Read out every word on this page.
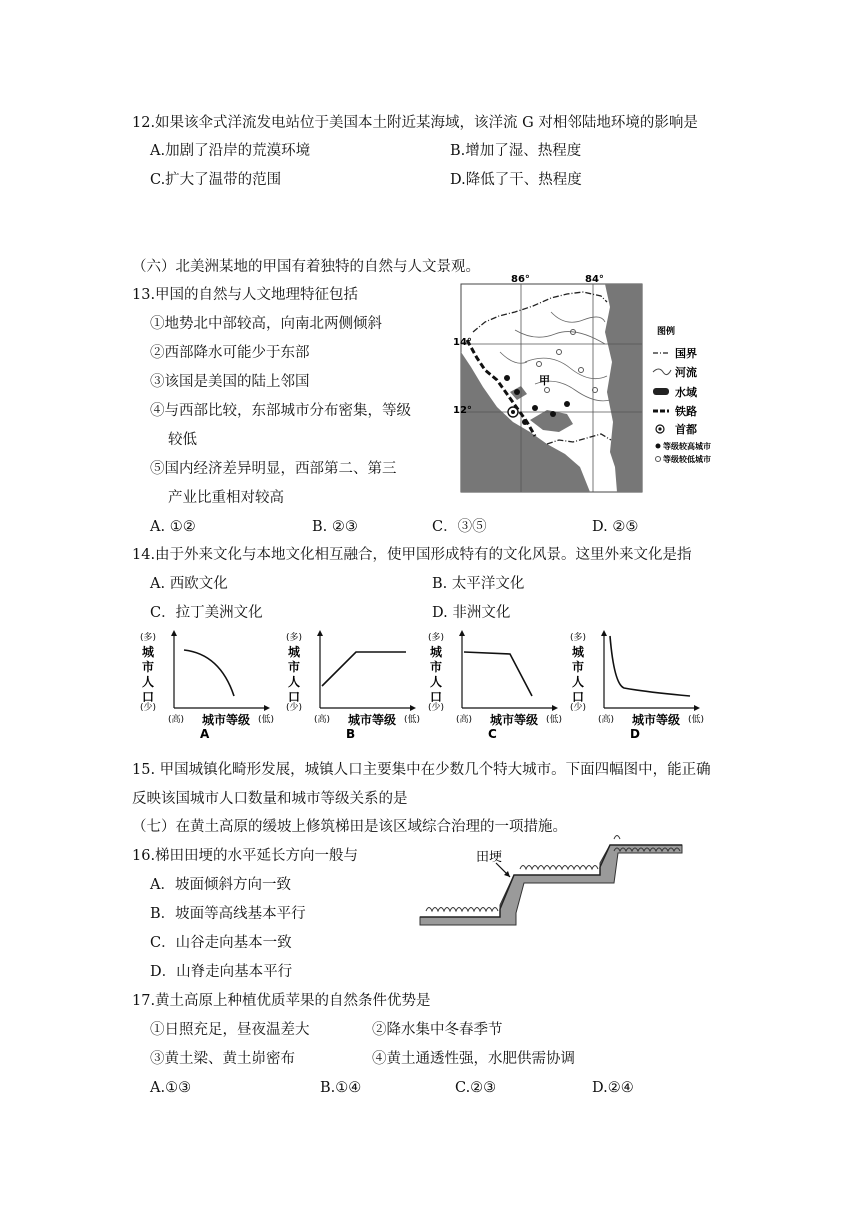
12.如果该伞式洋流发电站位于美国本土附近某海域，该洋流 G 对相邻陆地环境的影响是
A.加剧了沿岸的荒漠环境	B.增加了湿、热程度
C.扩大了温带的范围	D.降低了干、热程度
（六）北美洲某地的甲国有着独特的自然与人文景观。
13.甲国的自然与人文地理特征包括
①地势北中部较高，向南北两侧倾斜
②西部降水可能少于东部
③该国是美国的陆上邻国
④与西部比较，东部城市分布密集，等级
较低
⑤国内经济差异明显，西部第二、第三
产业比重相对较高
A. ①②	B. ②③	C．③⑤	D. ②⑤
86°	84°
14°
12°
甲
图例
国界
河流
水域
铁路
首都
等级较高城市
等级较低城市
14.由于外来文化与本地文化相互融合，使甲国形成特有的文化风景。这里外来文化是指
A. 西欧文化	B. 太平洋文化
C．拉丁美洲文化	D. 非洲文化
(多)
城
市
人
口
(少)
(高) 城市等级 (低)
A
(多)
城
市
人
口
(少)
(高) 城市等级 (低)
B
(多)
城
市
人
口
(少)
(高) 城市等级 (低)
C
(多)
城
市
人
口
(少)
(高) 城市等级 (低)
D
15. 甲国城镇化畸形发展，城镇人口主要集中在少数几个特大城市。下面四幅图中，能正确
反映该国城市人口数量和城市等级关系的是
（七）在黄土高原的缓坡上修筑梯田是该区域综合治理的一项措施。
16.梯田田埂的水平延长方向一般与
A．坡面倾斜方向一致
B．坡面等高线基本平行
C．山谷走向基本一致
D．山脊走向基本平行
田埂
17.黄土高原上种植优质苹果的自然条件优势是
①日照充足，昼夜温差大	②降水集中冬春季节
③黄土梁、黄土峁密布	④黄土通透性强，水肥供需协调
A.①③	B.①④	C.②③	D.②④
